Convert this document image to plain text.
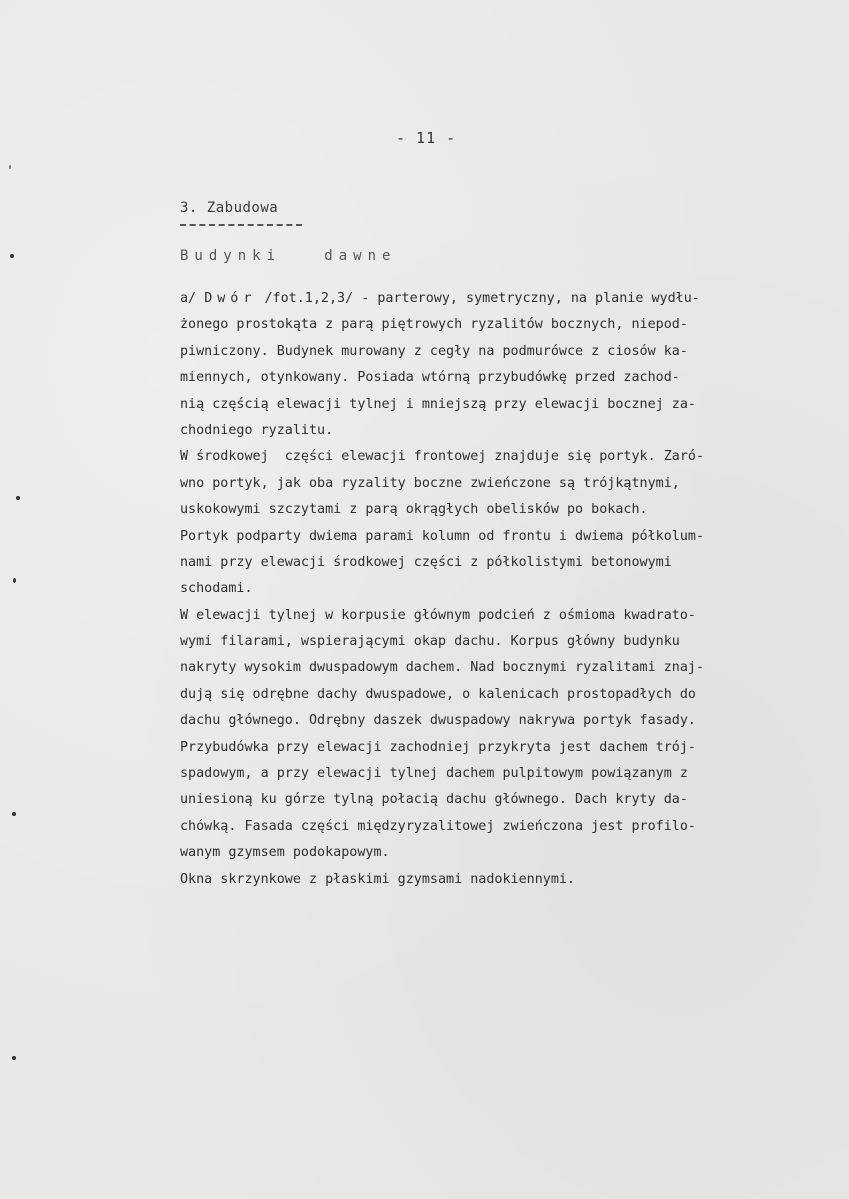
- 11 -
3. Zabudowa
Budynki   dawne
a/ Dwór /fot.1,2,3/ - parterowy, symetryczny, na planie wydłu-
żonego prostokąta z parą piętrowych ryzalitów bocznych, niepod-
piwniczony. Budynek murowany z cegły na podmurówce z ciosów ka-
miennych, otynkowany. Posiada wtórną przybudówkę przed zachod-
nią częścią elewacji tylnej i mniejszą przy elewacji bocznej za-
chodniego ryzalitu.
W środkowej  części elewacji frontowej znajduje się portyk. Zaró-
wno portyk, jak oba ryzality boczne zwieńczone są trójkątnymi,
uskokowymi szczytami z parą okrągłych obelisków po bokach.
Portyk podparty dwiema parami kolumn od frontu i dwiema półkolum-
nami przy elewacji środkowej części z półkolistymi betonowymi
schodami.
W elewacji tylnej w korpusie głównym podcień z ośmioma kwadrato-
wymi filarami, wspierającymi okap dachu. Korpus główny budynku
nakryty wysokim dwuspadowym dachem. Nad bocznymi ryzalitami znaj-
dują się odrębne dachy dwuspadowe, o kalenicach prostopadłych do
dachu głównego. Odrębny daszek dwuspadowy nakrywa portyk fasady.
Przybudówka przy elewacji zachodniej przykryta jest dachem trój-
spadowym, a przy elewacji tylnej dachem pulpitowym powiązanym z
uniesioną ku górze tylną połacią dachu głównego. Dach kryty da-
chówką. Fasada części międzyryzalitowej zwieńczona jest profilo-
wanym gzymsem podokapowym.
Okna skrzynkowe z płaskimi gzymsami nadokiennymi.
